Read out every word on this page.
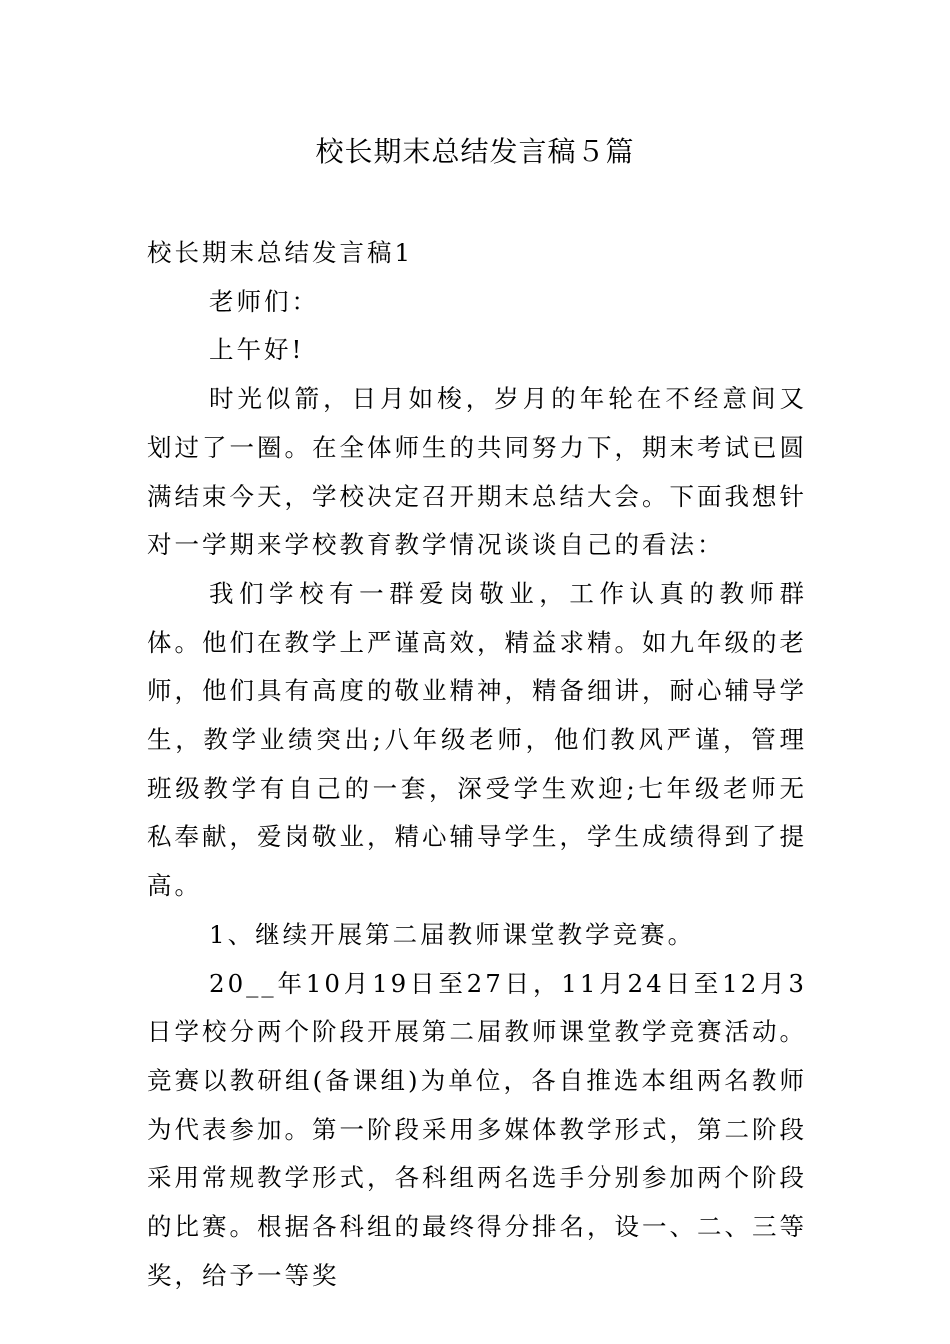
校长期末总结发言稿５篇

校长期末总结发言稿1

老师们：

上午好!

时光似箭，日月如梭，岁月的年轮在不经意间又划过了一圈。在全体师生的共同努力下，期末考试已圆满结束今天，学校决定召开期末总结大会。下面我想针对一学期来学校教育教学情况谈谈自己的看法：

我们学校有一群爱岗敬业，工作认真的教师群体。他们在教学上严谨高效，精益求精。如九年级的老师，他们具有高度的敬业精神，精备细讲，耐心辅导学生，教学业绩突出;八年级老师，他们教风严谨，管理班级教学有自己的一套，深受学生欢迎;七年级老师无私奉献，爱岗敬业，精心辅导学生，学生成绩得到了提高。

1、继续开展第二届教师课堂教学竞赛。

20__年10月19日至27日，11月24日至12月3日学校分两个阶段开展第二届教师课堂教学竞赛活动。竞赛以教研组(备课组)为单位，各自推选本组两名教师为代表参加。第一阶段采用多媒体教学形式，第二阶段采用常规教学形式，各科组两名选手分别参加两个阶段的比赛。根据各科组的最终得分排名，设一、二、三等奖，给予一等奖
